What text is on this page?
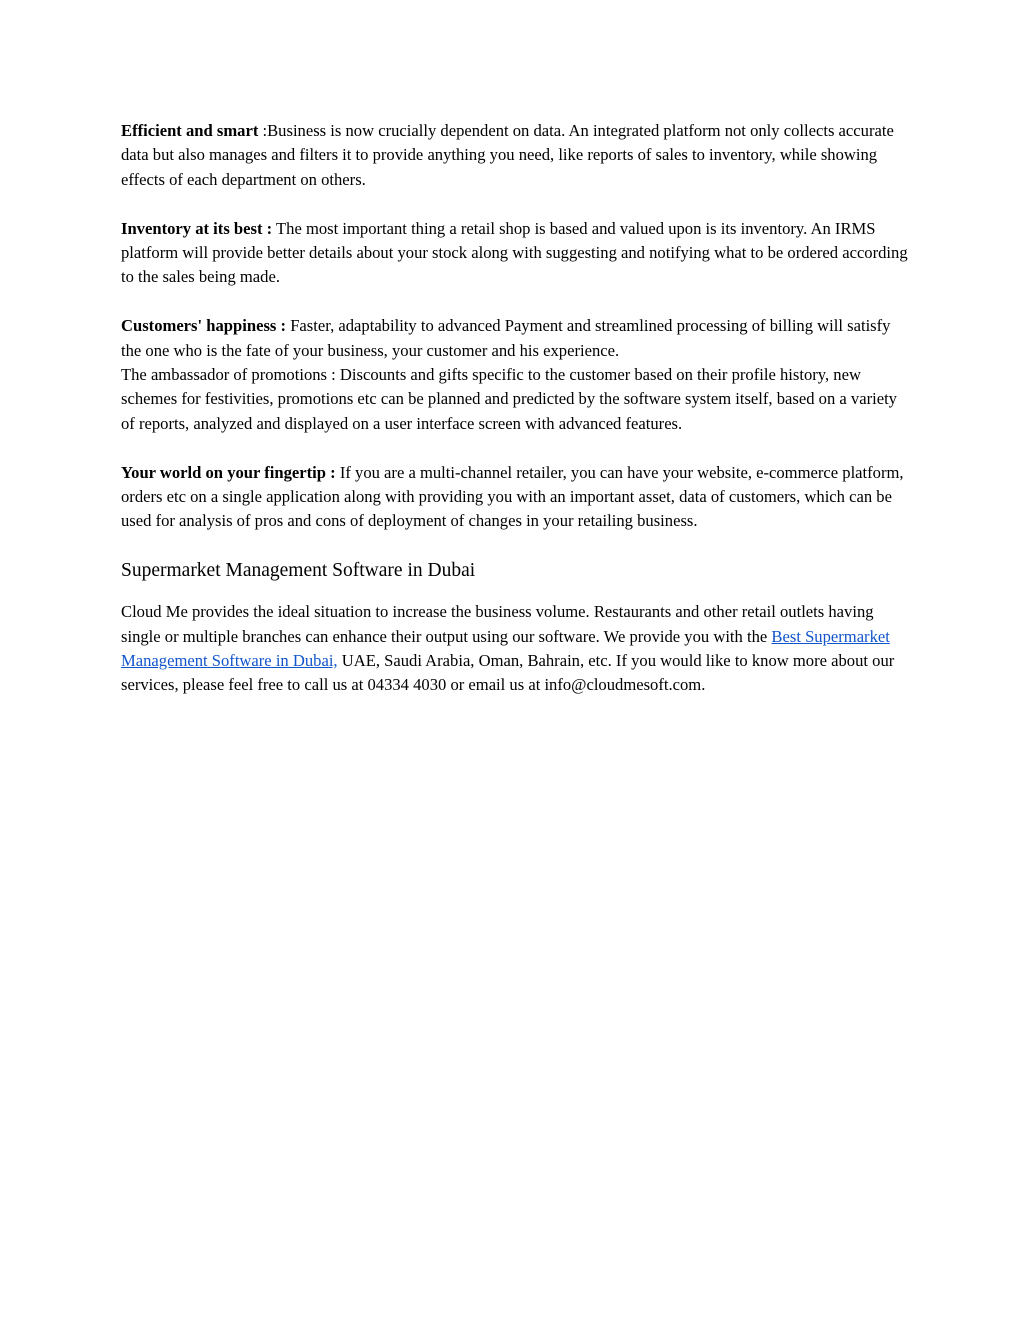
Efficient and smart :Business is now crucially dependent on data. An integrated platform not only collects accurate data but also manages and filters it to provide anything you need, like reports of sales to inventory, while showing effects of each department on others.

Inventory at its best : The most important thing a retail shop is based and valued upon is its inventory. An IRMS platform will provide better details about your stock along with suggesting and notifying what to be ordered according to the sales being made.

Customers' happiness : Faster, adaptability to advanced Payment and streamlined processing of billing will satisfy the one who is the fate of your business, your customer and his experience.

The ambassador of promotions : Discounts and gifts specific to the customer based on their profile history, new schemes for festivities, promotions etc can be planned and predicted by the software system itself, based on a variety of reports, analyzed and displayed on a user interface screen with advanced features.

Your world on your fingertip : If you are a multi-channel retailer, you can have your website, e-commerce platform, orders etc on a single application along with providing you with an important asset, data of customers, which can be used for analysis of pros and cons of deployment of changes in your retailing business.

Supermarket Management Software in Dubai

Cloud Me provides the ideal situation to increase the business volume. Restaurants and other retail outlets having single or multiple branches can enhance their output using our software. We provide you with the Best Supermarket Management Software in Dubai, UAE, Saudi Arabia, Oman, Bahrain, etc. If you would like to know more about our services, please feel free to call us at 04334 4030 or email us at info@cloudmesoft.com.
